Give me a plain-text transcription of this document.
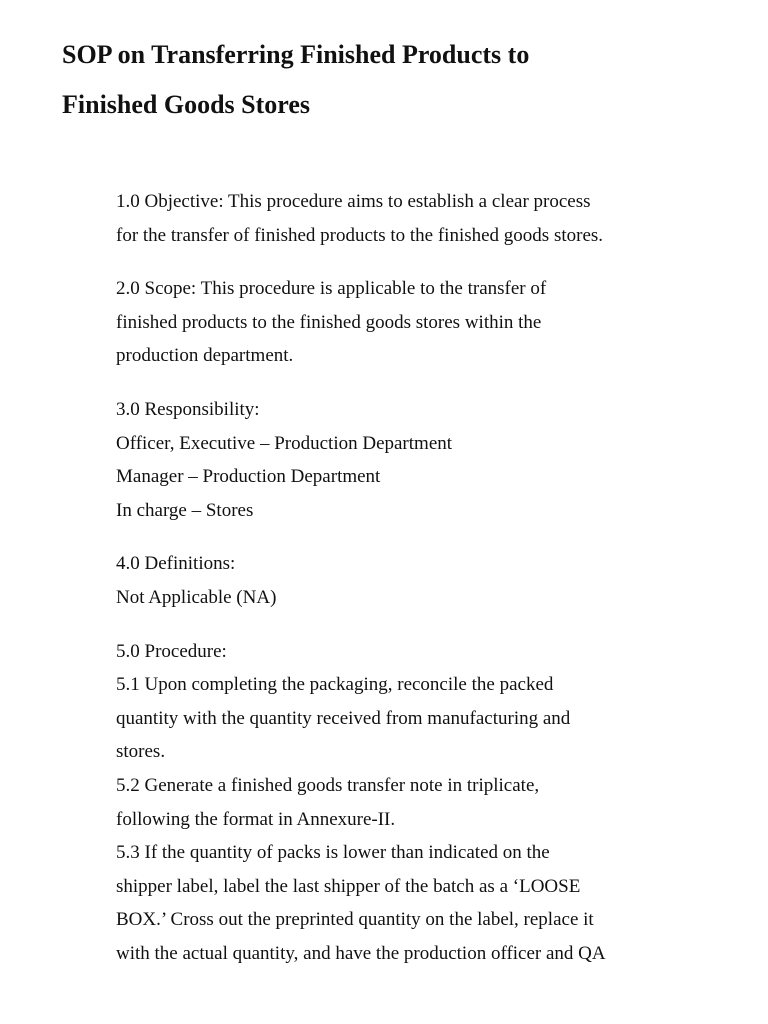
SOP on Transferring Finished Products to
Finished Goods Stores
1.0 Objective: This procedure aims to establish a clear process
for the transfer of finished products to the finished goods stores.
2.0 Scope: This procedure is applicable to the transfer of
finished products to the finished goods stores within the
production department.
3.0 Responsibility:
Officer, Executive – Production Department
Manager – Production Department
In charge – Stores
4.0 Definitions:
Not Applicable (NA)
5.0 Procedure:
5.1 Upon completing the packaging, reconcile the packed
quantity with the quantity received from manufacturing and
stores.
5.2 Generate a finished goods transfer note in triplicate,
following the format in Annexure-II.
5.3 If the quantity of packs is lower than indicated on the
shipper label, label the last shipper of the batch as a ‘LOOSE
BOX.’ Cross out the preprinted quantity on the label, replace it
with the actual quantity, and have the production officer and QA
